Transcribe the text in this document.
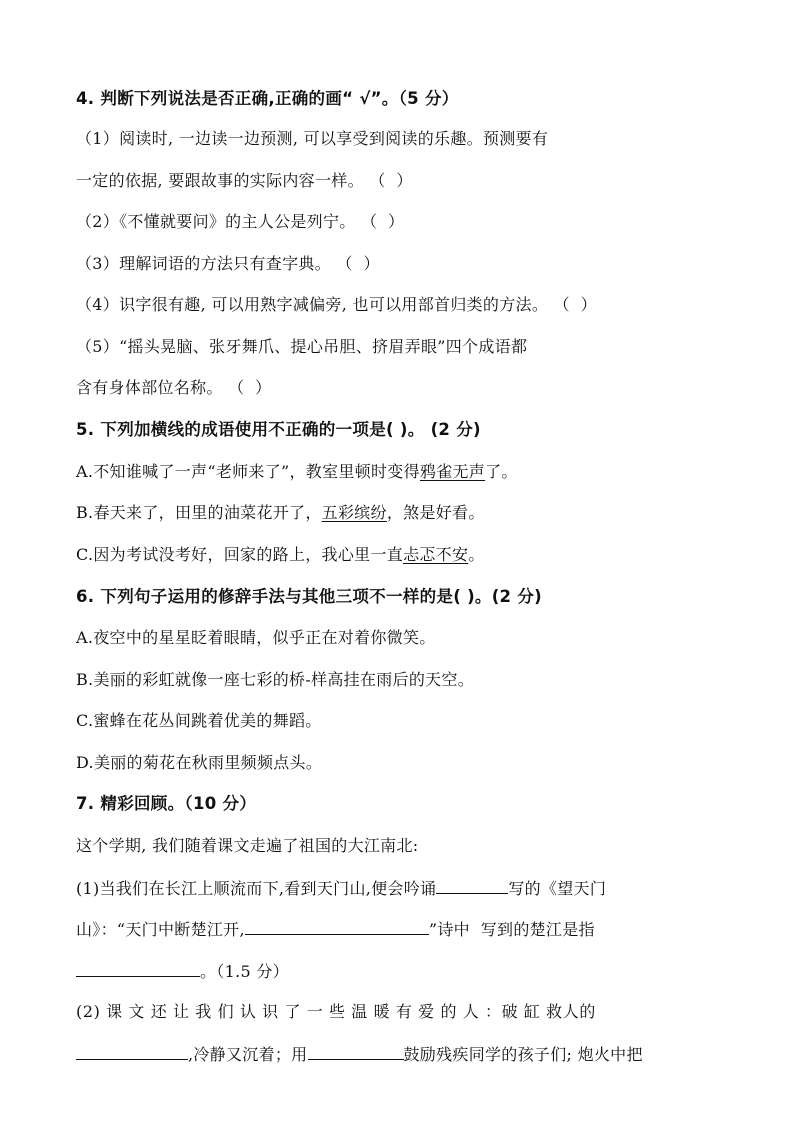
4. 判断下列说法是否正确,正确的画“ √”。（5 分）
（1）阅读时, 一边读一边预测, 可以享受到阅读的乐趣。预测要有
一定的依据, 要跟故事的实际内容一样。 （  ）
（2）《不懂就要问》的主人公是列宁。 （  ）
（3）理解词语的方法只有查字典。 （  ）
（4）识字很有趣, 可以用熟字减偏旁, 也可以用部首归类的方法。 （  ）
（5）“摇头晃脑、张牙舞爪、提心吊胆、挤眉弄眼”四个成语都
含有身体部位名称。 （  ）
5. 下列加横线的成语使用不正确的一项是( )。 (2 分)
A.不知谁喊了一声“老师来了”，教室里顿时变得鸦雀无声了。
B.春天来了，田里的油菜花开了，五彩缤纷，煞是好看。
C.因为考试没考好，回家的路上，我心里一直忐忑不安。
6. 下列句子运用的修辞手法与其他三项不一样的是( )。(2 分)
A.夜空中的星星眨着眼睛，似乎正在对着你微笑。
B.美丽的彩虹就像一座七彩的桥-样高挂在雨后的天空。
C.蜜蜂在花丛间跳着优美的舞蹈。
D.美丽的菊花在秋雨里频频点头。
7. 精彩回顾。（10 分）
这个学期, 我们随着课文走遍了祖国的大江南北:
(1)当我们在长江上顺流而下,看到天门山,便会吟诵	写的《望天门
山》：“天门中断楚江开,	”诗中  写到的楚江是指
。（1.5 分）
(2) 课 文 还 让 我 们 认 识 了 一 些 温 暖 有 爱 的 人 ：破 缸 救人的
,冷静又沉着；用	鼓励残疾同学的孩子们; 炮火中把
